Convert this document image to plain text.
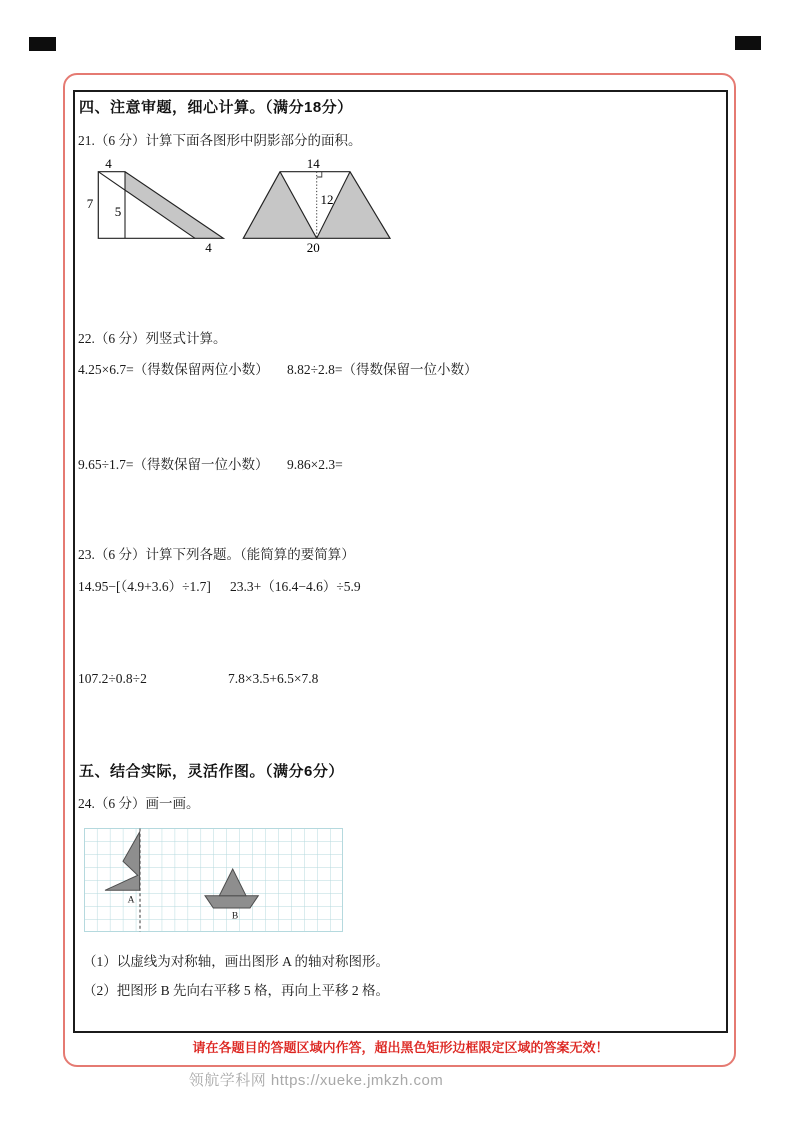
四、注意审题，细心计算。（满分18分）
21.（6 分）计算下面各图形中阴影部分的面积。
4
7
5
4
14
12
20
22.（6 分）列竖式计算。
4.25×6.7=（得数保留两位小数） 8.82÷2.8=（得数保留一位小数）
9.65÷1.7=（得数保留一位小数） 9.86×2.3=
23.（6 分）计算下列各题。（能简算的要简算）
14.95−[（4.9+3.6）÷1.7] 23.3+（16.4−4.6）÷5.9
107.2÷0.8÷2	7.8×3.5+6.5×7.8
五、结合实际，灵活作图。（满分6分）
24.（6 分）画一画。
A
B
（1）以虚线为对称轴，画出图形 A 的轴对称图形。
（2）把图形 B 先向右平移 5 格，再向上平移 2 格。
请在各题目的答题区域内作答，超出黑色矩形边框限定区域的答案无效！
领航学科网 https://xueke.jmkzh.com
